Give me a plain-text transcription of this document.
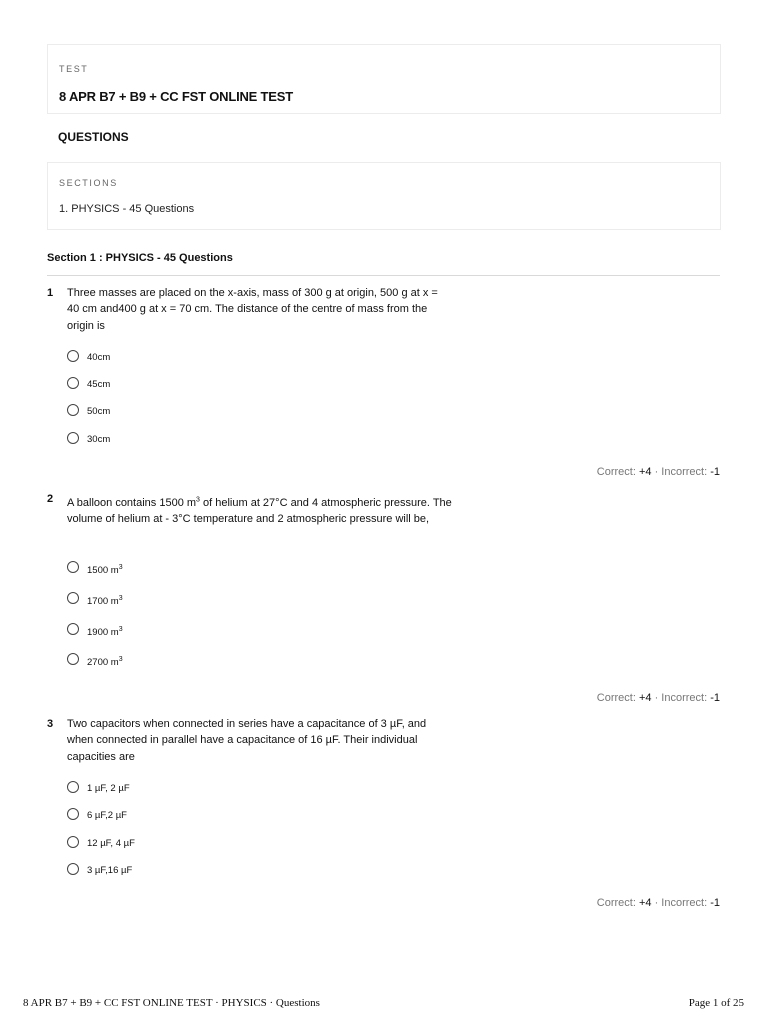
TEST
8 APR B7 + B9 + CC FST ONLINE TEST
QUESTIONS
SECTIONS
1. PHYSICS - 45 Questions
Section 1 : PHYSICS - 45 Questions
1 Three masses are placed on the x-axis, mass of 300 g at origin, 500 g at x = 40 cm and400 g at x = 70 cm. The distance of the centre of mass from the origin is
40cm
45cm
50cm
30cm
Correct: +4 · Incorrect: -1
2 A balloon contains 1500 $m^3$ of helium at 27°C and 4 atmospheric pressure. The volume of helium at - 3°C temperature and 2 atmospheric pressure will be,
1500 $m^3$
1700 $m^3$
1900 $m^3$
2700 $m^3$
Correct: +4 · Incorrect: -1
3 Two capacitors when connected in series have a capacitance of 3 µF, and when connected in parallel have a capacitance of 16 µF. Their individual capacities are
1 µF, 2 µF
6 µF,2 µF
12 µF, 4 µF
3 µF,16 µF
Correct: +4 · Incorrect: -1
8 APR B7 + B9 + CC FST ONLINE TEST · PHYSICS · Questions	Page 1 of 25
